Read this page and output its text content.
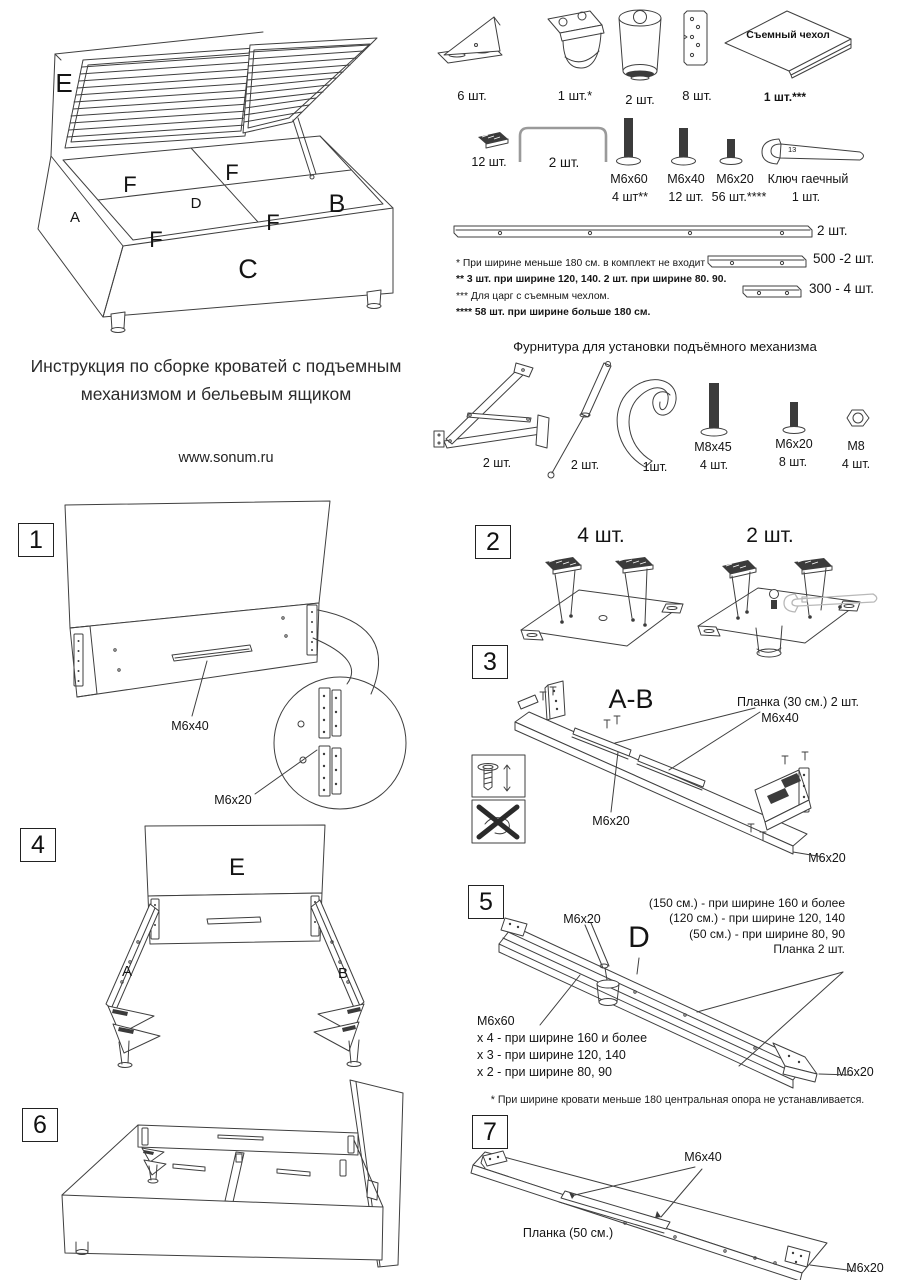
E
F	F
D
A	B
F
F
C
Съемный чехол
6 шт.	1 шт.*	2 шт. 8 шт.	1 шт.***
13
12 шт.	2 шт.
M6x60
4 шт**
M6x40
12 шт.
M6x20
56 шт.****
Ключ гаечный
1 шт.
2 шт.
500 -2 шт.
300 - 4 шт.
* При ширине меньше 180 см. в комплект не входит
** 3 шт. при ширине 120, 140. 2 шт. при ширине 80. 90.
*** Для царг с съемным чехлом.
**** 58 шт. при ширине больше 180 см.
Инструкция по сборке кроватей с подъемным
механизмом и бельевым ящиком
www.sonum.ru
Фурнитура для установки подъёмного механизма
2 шт.	2 шт.	1шт.
M8x45
4 шт.
M6x20
8 шт.
M8
4 шт.
1
M6x40
M6x20
2	4 шт.	2 шт.
3
A-B	Планка (30 см.) 2 шт.
M6x40
M6x20
M6x20
4
E
A	B
5	(150 см.) - при ширине 160 и более
(120 см.) - при ширине 120, 140
(50 см.) - при ширине 80, 90
Планка 2 шт.
M6x20
D
M6x60
x 4 - при ширине 160 и более
x 3 - при ширине 120, 140
x 2 - при ширине 80, 90	M6x20
* При ширине кровати меньше 180 центральная опора не устанавливается.
6	7
M6x40
Планка (50 см.)
M6x20
